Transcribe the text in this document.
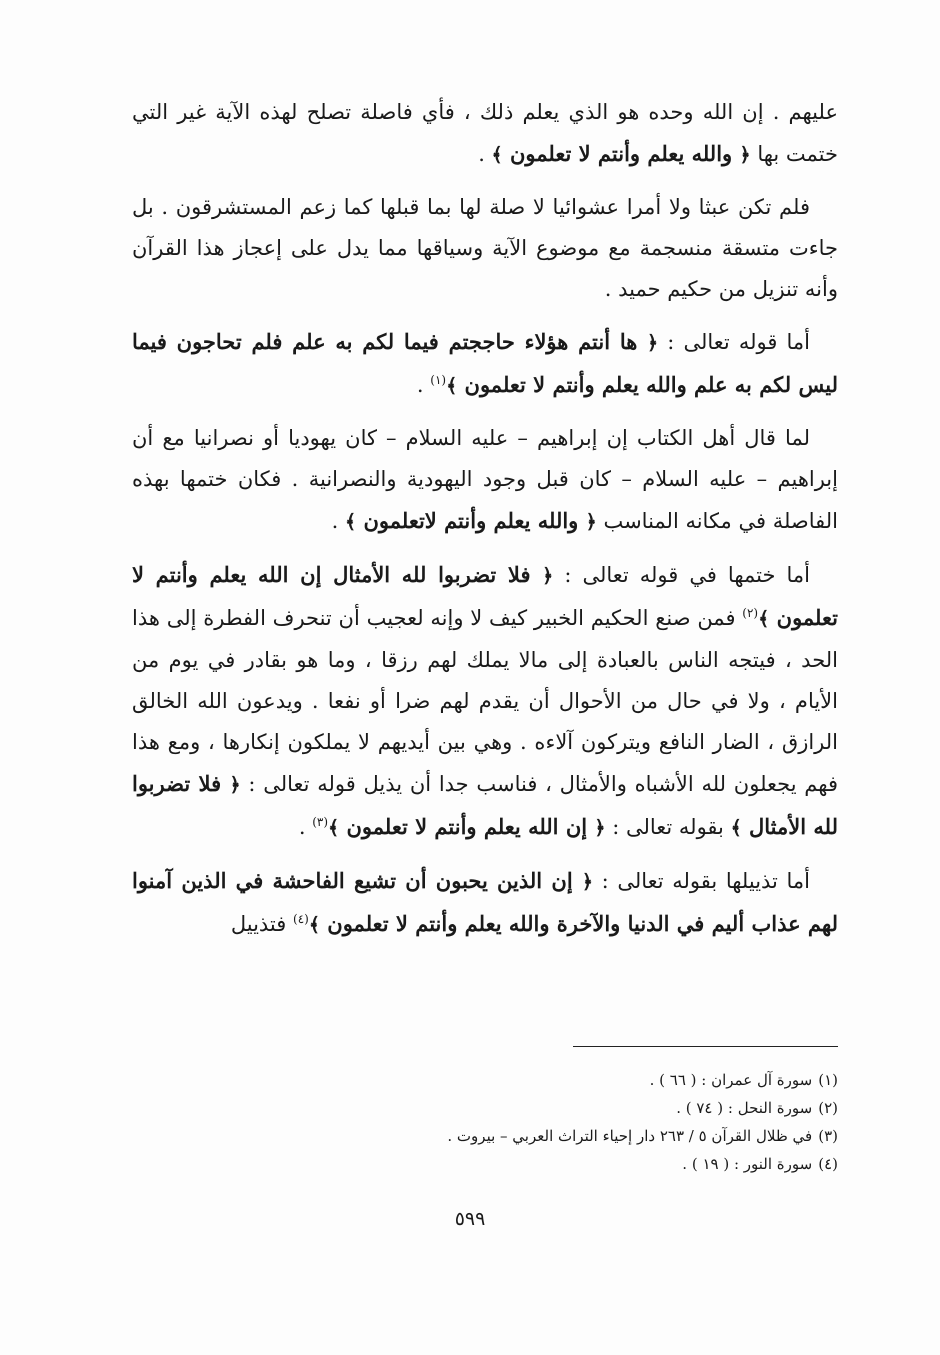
عليهم . إن الله وحده هو الذي يعلم ذلك ، فأي فاصلة تصلح لهذه الآية غير التي ختمت بها ﴿ والله يعلم وأنتم لا تعلمون ﴾ .

فلم تكن عبثا ولا أمرا عشوائيا لا صلة لها بما قبلها كما زعم المستشرقون . بل جاءت متسقة منسجمة مع موضوع الآية وسياقها مما يدل على إعجاز هذا القرآن وأنه تنزيل من حكيم حميد .

أما قوله تعالى : ﴿ ها أنتم هؤلاء حاججتم فيما لكم به علم فلم تحاجون فيما ليس لكم به علم والله يعلم وأنتم لا تعلمون ﴾$^{(١)}$ .

لما قال أهل الكتاب إن إبراهيم – عليه السلام – كان يهوديا أو نصرانيا مع أن إبراهيم – عليه السلام – كان قبل وجود اليهودية والنصرانية . فكان ختمها بهذه الفاصلة في مكانه المناسب ﴿ والله يعلم وأنتم لاتعلمون ﴾ .

أما ختمها في قوله تعالى : ﴿ فلا تضربوا لله الأمثال إن الله يعلم وأنتم لا تعلمون ﴾$^{(٢)}$ فمن صنع الحكيم الخبير كيف لا وإنه لعجيب أن تنحرف الفطرة إلى هذا الحد ، فيتجه الناس بالعبادة إلى مالا يملك لهم رزقا ، وما هو بقادر في يوم من الأيام ، ولا في حال من الأحوال أن يقدم لهم ضرا أو نفعا . ويدعون الله الخالق الرازق ، الضار النافع ويتركون آلاءه . وهي بين أيديهم لا يملكون إنكارها ، ومع هذا فهم يجعلون لله الأشباه والأمثال ، فناسب جدا أن يذيل قوله تعالى : ﴿ فلا تضربوا لله الأمثال ﴾ بقوله تعالى : ﴿ إن الله يعلم وأنتم لا تعلمون ﴾$^{(٣)}$ .

أما تذييلها بقوله تعالى : ﴿ إن الذين يحبون أن تشيع الفاحشة في الذين آمنوا لهم عذاب أليم في الدنيا والآخرة والله يعلم وأنتم لا تعلمون ﴾$^{(٤)}$ فتذييل

(١)سورة آل عمران : ( ٦٦ ) .
(٢)سورة النحل : ( ٧٤ ) .
(٣)في ظلال القرآن ٥ / ٢٦٣ دار إحياء التراث العربي – بيروت .
(٤)سورة النور : ( ١٩ ) .
٥٩٩
